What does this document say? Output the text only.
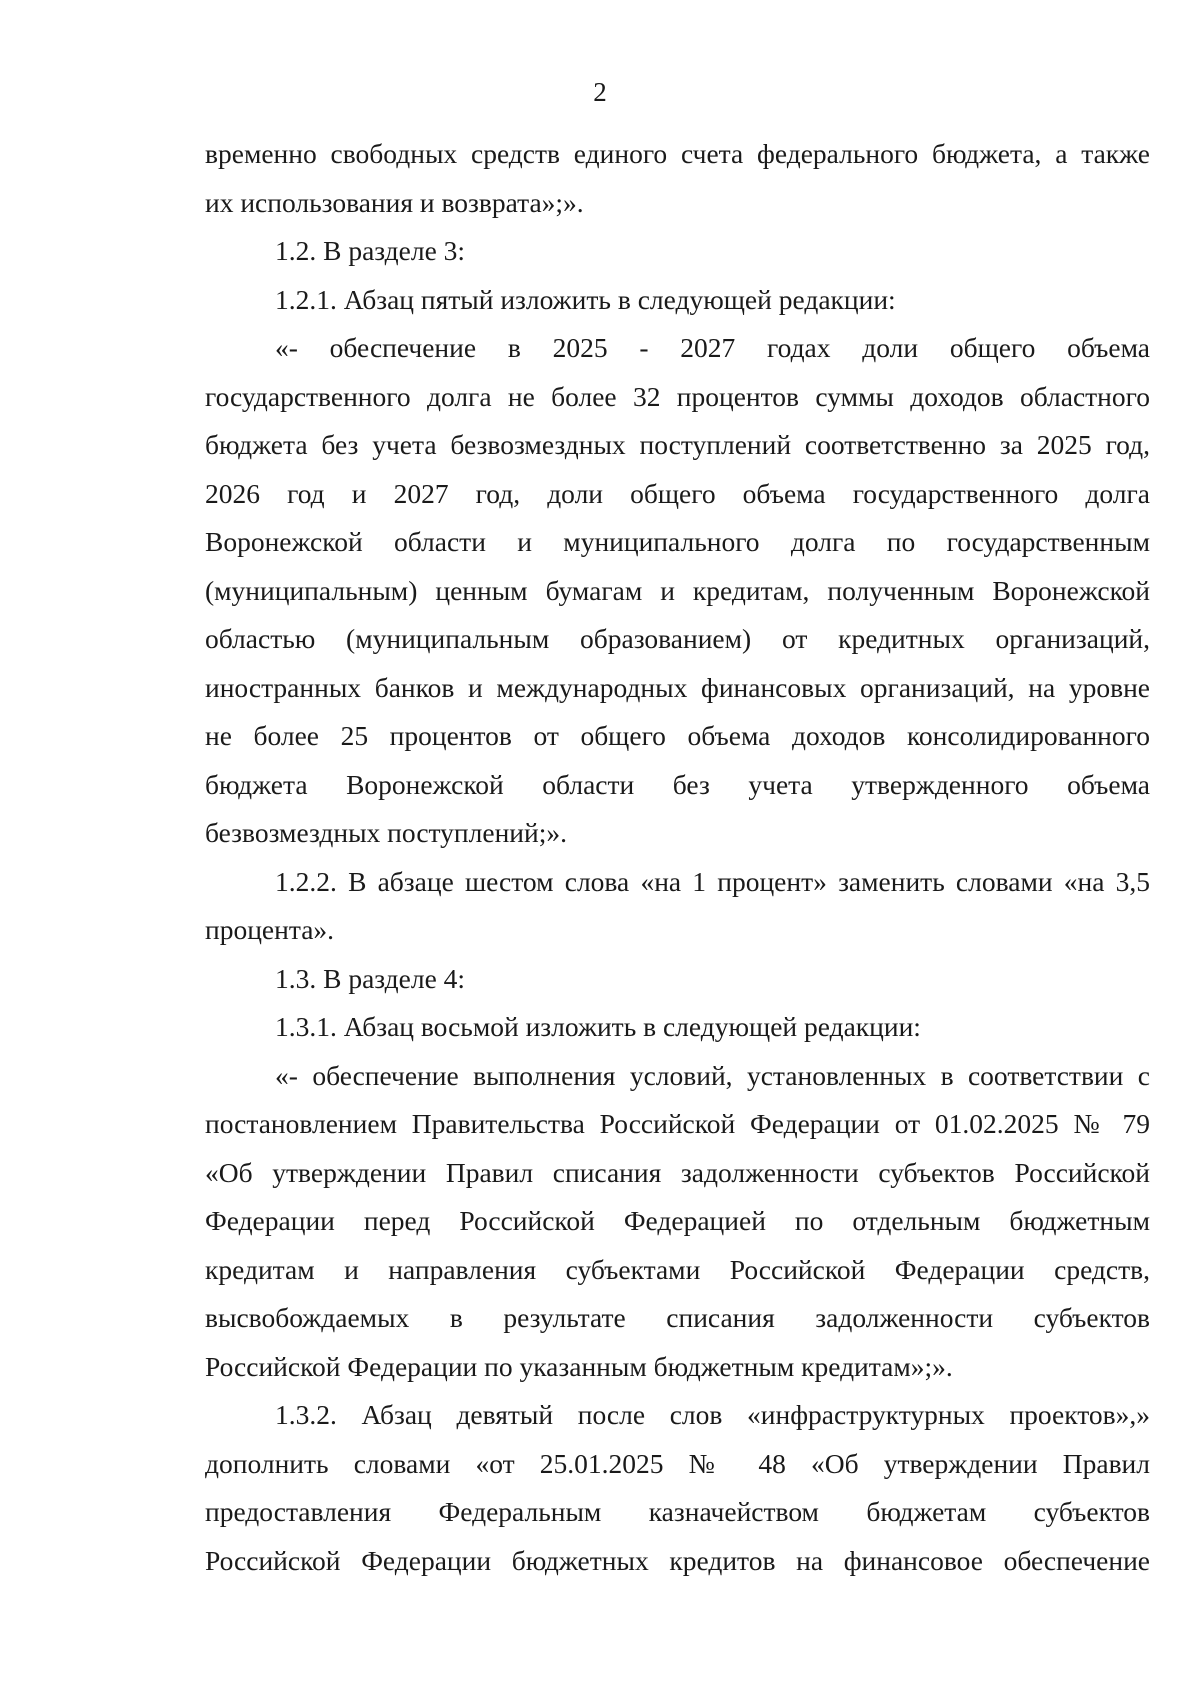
2
временно свободных средств единого счета федерального бюджета, а также
их использования и возврата»;».
1.2. В разделе 3:
1.2.1. Абзац пятый изложить в следующей редакции:
«- обеспечение в 2025 - 2027 годах доли общего объема
государственного долга не более 32 процентов суммы доходов областного
бюджета без учета безвозмездных поступлений соответственно за 2025 год,
2026 год и 2027 год, доли общего объема государственного долга
Воронежской области и муниципального долга по государственным
(муниципальным) ценным бумагам и кредитам, полученным Воронежской
областью (муниципальным образованием) от кредитных организаций,
иностранных банков и международных финансовых организаций, на уровне
не более 25 процентов от общего объема доходов консолидированного
бюджета Воронежской области без учета утвержденного объема
безвозмездных поступлений;».
1.2.2. В абзаце шестом слова «на 1 процент» заменить словами «на 3,5
процента».
1.3. В разделе 4:
1.3.1. Абзац восьмой изложить в следующей редакции:
«- обеспечение выполнения условий, установленных в соответствии с
постановлением Правительства Российской Федерации от 01.02.2025 № 79
«Об утверждении Правил списания задолженности субъектов Российской
Федерации перед Российской Федерацией по отдельным бюджетным
кредитам и направления субъектами Российской Федерации средств,
высвобождаемых в результате списания задолженности субъектов
Российской Федерации по указанным бюджетным кредитам»;».
1.3.2. Абзац девятый после слов «инфраструктурных проектов»,»
дополнить словами «от 25.01.2025 № 48 «Об утверждении Правил
предоставления Федеральным казначейством бюджетам субъектов
Российской Федерации бюджетных кредитов на финансовое обеспечение
